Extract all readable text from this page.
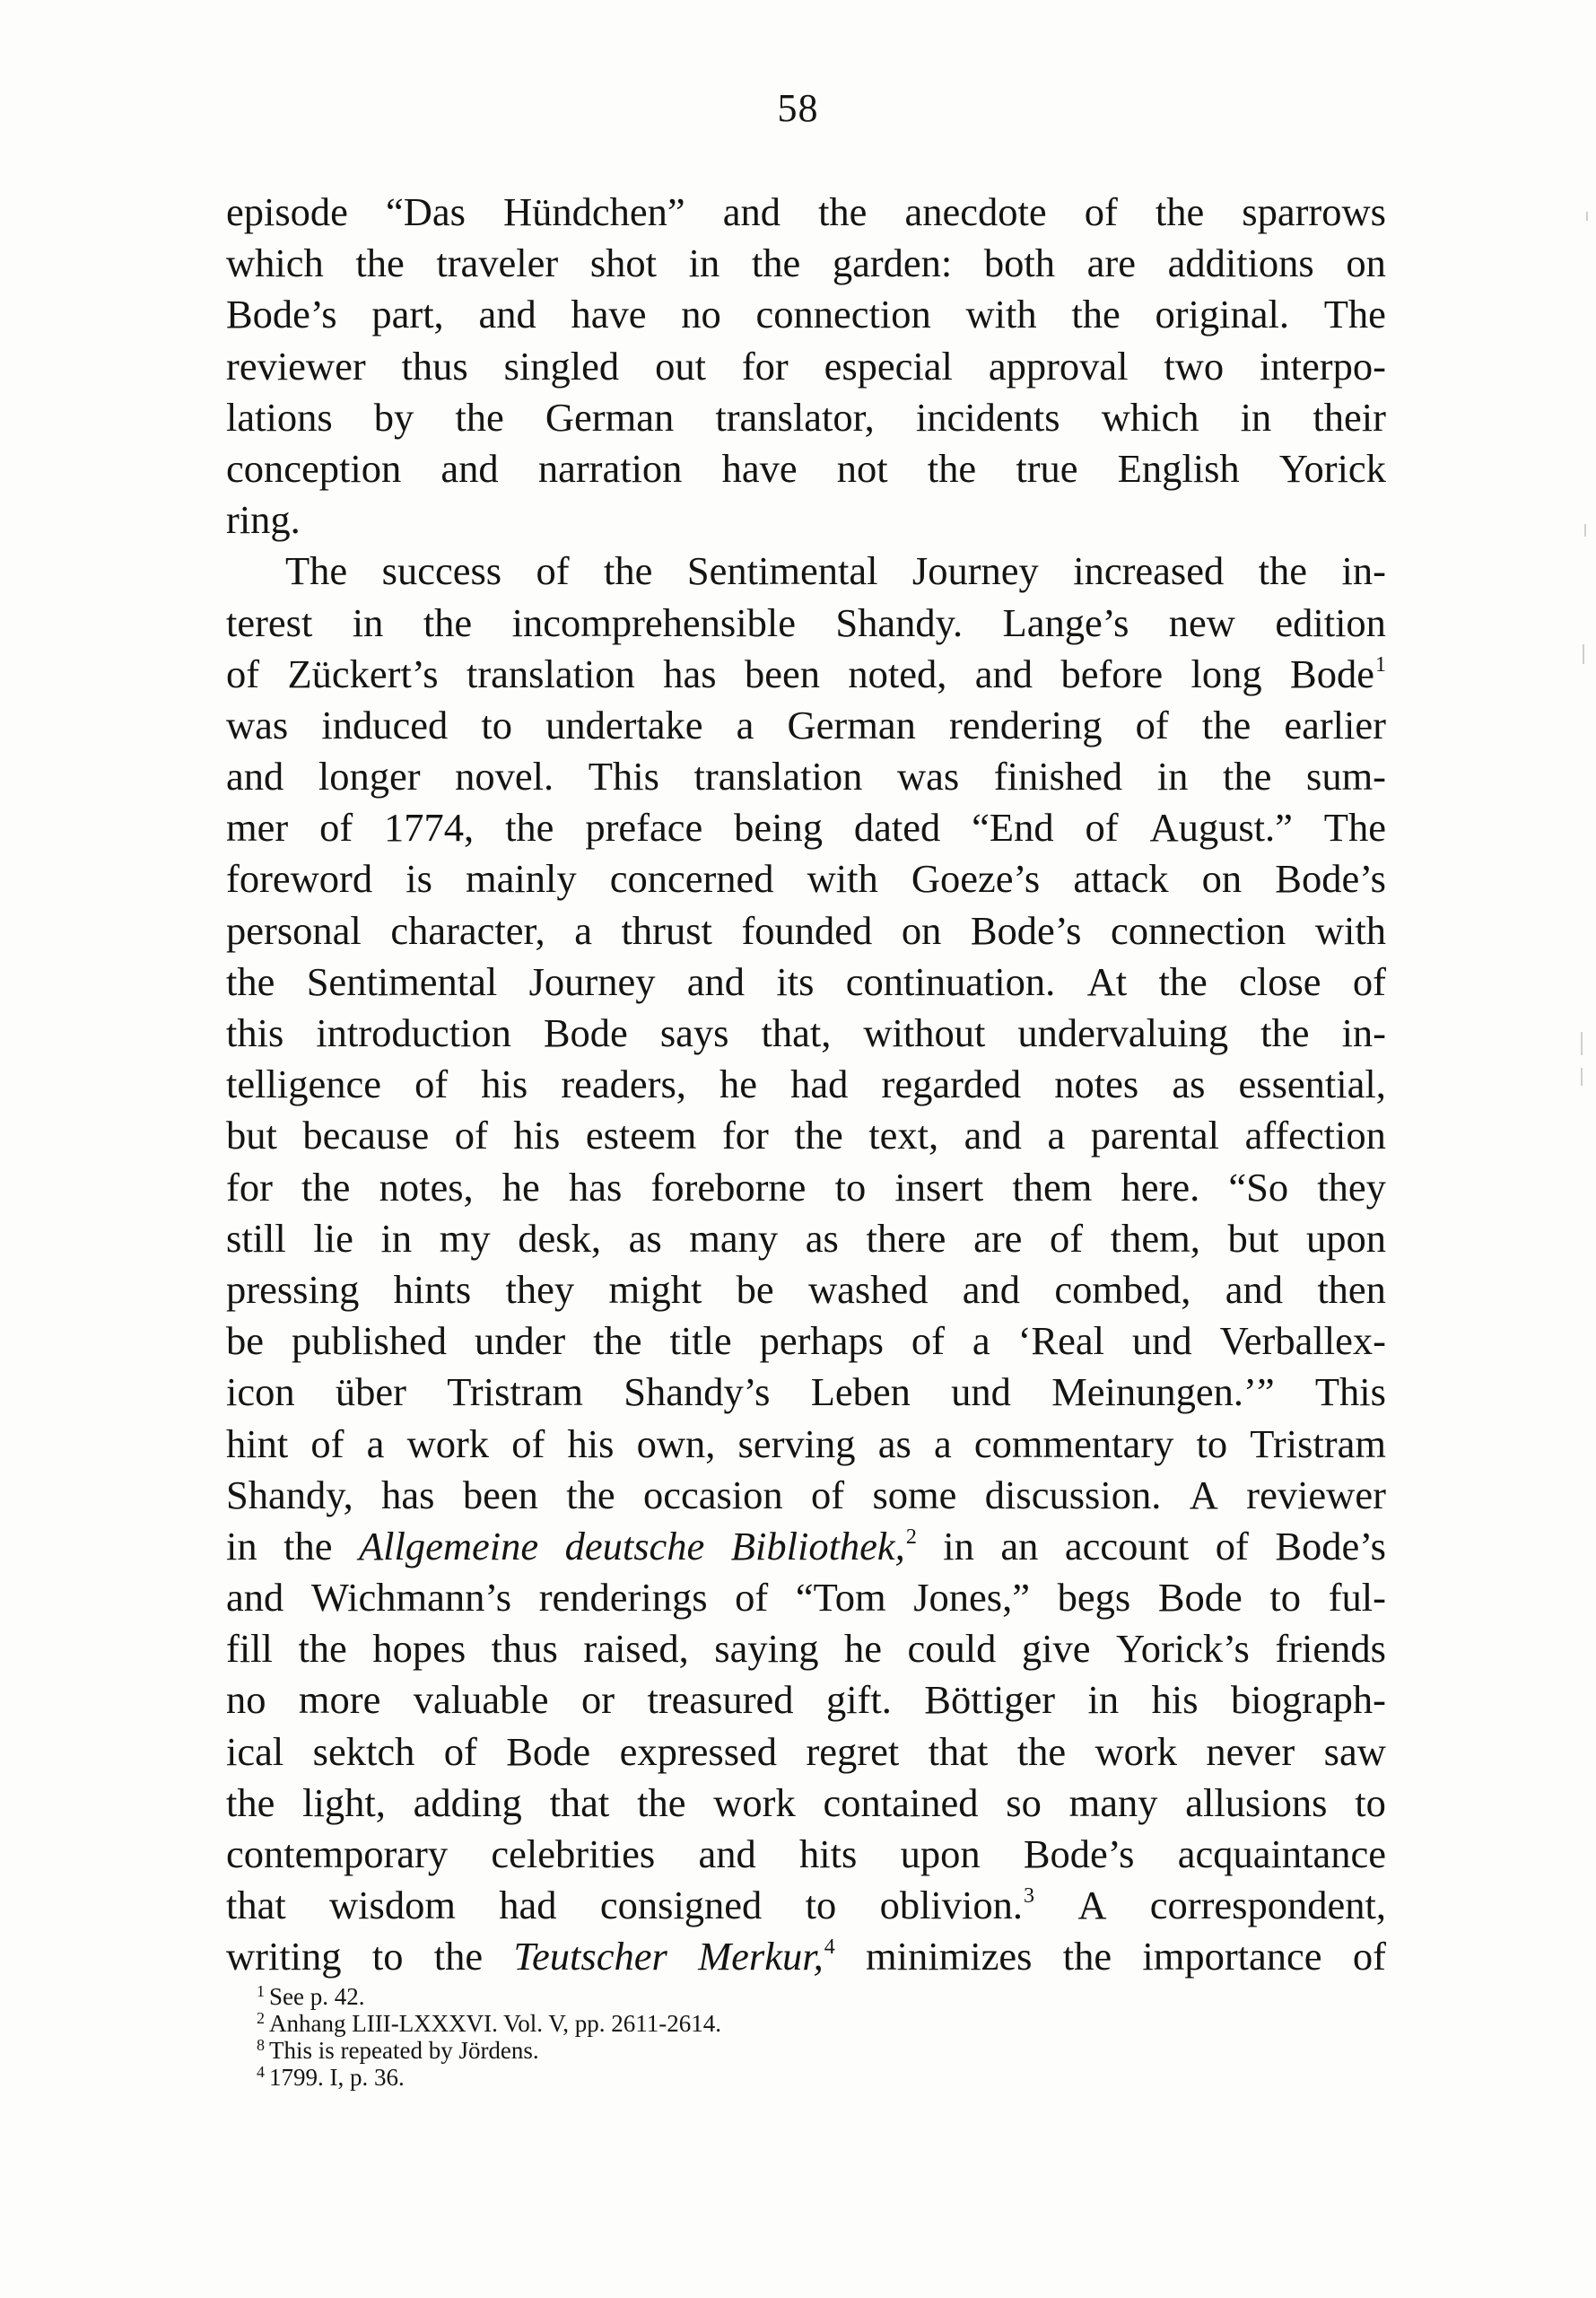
58
episode “Das Hündchen” and the anecdote of the sparrows
which the traveler shot in the garden: both are additions on
Bode’s part, and have no connection with the original. The
reviewer thus singled out for especial approval two interpo-
lations by the German translator, incidents which in their
conception and narration have not the true English Yorick
ring.
The success of the Sentimental Journey increased the in-
terest in the incomprehensible Shandy. Lange’s new edition
of Zückert’s translation has been noted, and before long Bode$^1$
was induced to undertake a German rendering of the earlier
and longer novel. This translation was finished in the sum-
mer of 1774, the preface being dated “End of August.” The
foreword is mainly concerned with Goeze’s attack on Bode’s
personal character, a thrust founded on Bode’s connection with
the Sentimental Journey and its continuation. At the close of
this introduction Bode says that, without undervaluing the in-
telligence of his readers, he had regarded notes as essential,
but because of his esteem for the text, and a parental affection
for the notes, he has foreborne to insert them here. “So they
still lie in my desk, as many as there are of them, but upon
pressing hints they might be washed and combed, and then
be published under the title perhaps of a ‘Real und Verballex-
icon über Tristram Shandy’s Leben und Meinungen.’” This
hint of a work of his own, serving as a commentary to Tristram
Shandy, has been the occasion of some discussion. A reviewer
in the Allgemeine deutsche Bibliothek,$^2$ in an account of Bode’s
and Wichmann’s renderings of “Tom Jones,” begs Bode to ful-
fill the hopes thus raised, saying he could give Yorick’s friends
no more valuable or treasured gift. Böttiger in his biograph-
ical sektch of Bode expressed regret that the work never saw
the light, adding that the work contained so many allusions to
contemporary celebrities and hits upon Bode’s acquaintance
that wisdom had consigned to oblivion.$^3$ A correspondent,
writing to the Teutscher Merkur,$^4$ minimizes the importance of
$^1$ See p. 42.
$^2$ Anhang LIII-LXXXVI. Vol. V, pp. 2611-2614.
$^8$ This is repeated by Jördens.
$^4$ 1799. I, p. 36.
